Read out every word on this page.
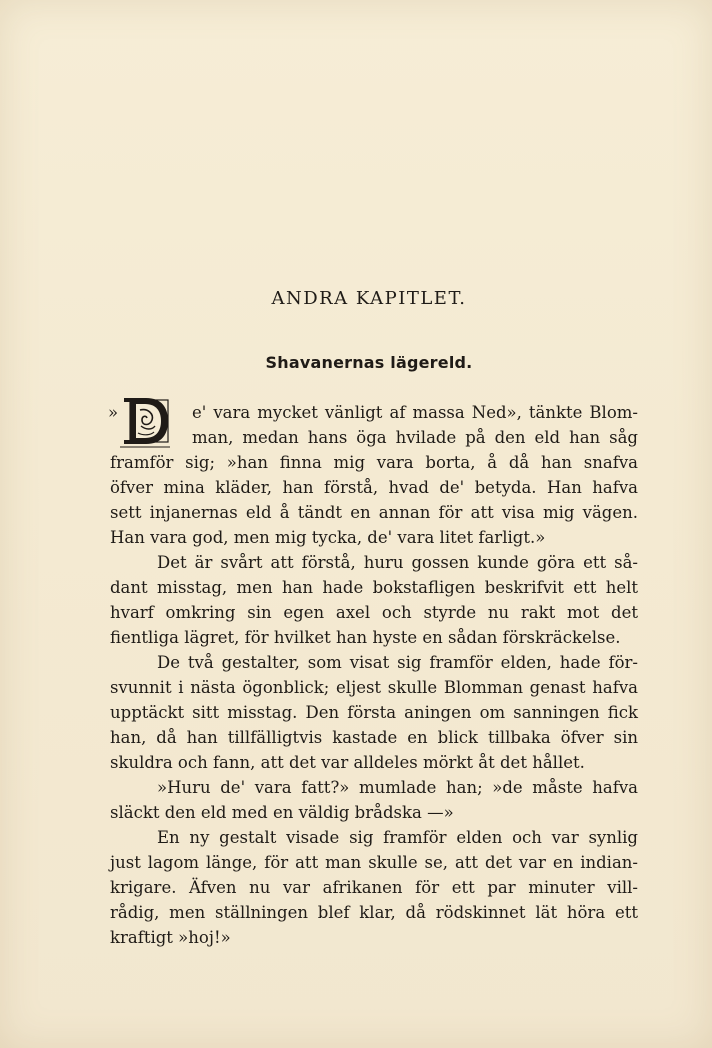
ANDRA KAPITLET.
Shavanernas lägereld.
»	e' vara mycket vänligt af massa Ned», tänkte Blom-
man, medan hans öga hvilade på den eld han såg
framför sig; »han finna mig vara borta, å då han snafva
öfver mina kläder, han förstå, hvad de' betyda. Han hafva
sett injanernas eld å tändt en annan för att visa mig vägen.
Han vara god, men mig tycka, de' vara litet farligt.»
Det är svårt att förstå, huru gossen kunde göra ett så-
dant misstag, men han hade bokstafligen beskrifvit ett helt
hvarf omkring sin egen axel och styrde nu rakt mot det
fientliga lägret, för hvilket han hyste en sådan förskräckelse.
De två gestalter, som visat sig framför elden, hade för-
svunnit i nästa ögonblick; eljest skulle Blomman genast hafva
upptäckt sitt misstag. Den första aningen om sanningen fick
han, då han tillfälligtvis kastade en blick tillbaka öfver sin
skuldra och fann, att det var alldeles mörkt åt det hållet.
»Huru de' vara fatt?» mumlade han; »de måste hafva
släckt den eld med en väldig brådska —»
En ny gestalt visade sig framför elden och var synlig
just lagom länge, för att man skulle se, att det var en indian-
krigare. Äfven nu var afrikanen för ett par minuter vill-
rådig, men ställningen blef klar, då rödskinnet lät höra ett
kraftigt »hoj!»
